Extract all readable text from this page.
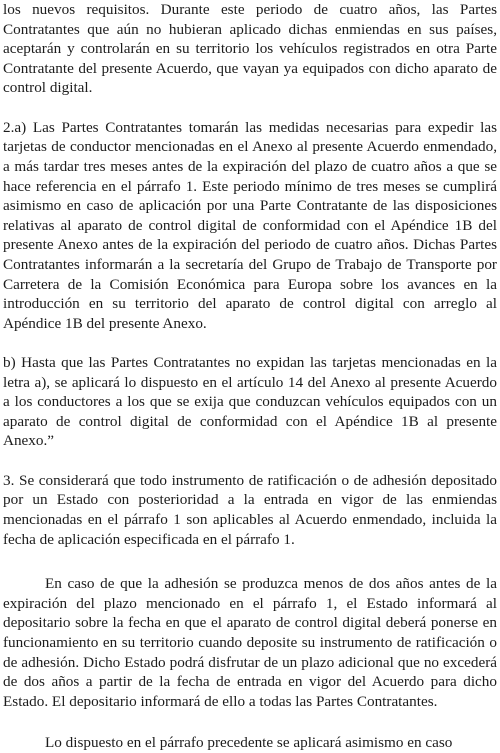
los nuevos requisitos. Durante este periodo de cuatro años, las Partes Contratantes que aún no hubieran aplicado dichas enmiendas en sus países, aceptarán y controlarán en su territorio los vehículos registrados en otra Parte Contratante del presente Acuerdo, que vayan ya equipados con dicho aparato de control digital.

2.a) Las Partes Contratantes tomarán las medidas necesarias para expedir las tarjetas de conductor mencionadas en el Anexo al presente Acuerdo enmendado, a más tardar tres meses antes de la expiración del plazo de cuatro años a que se hace referencia en el párrafo 1. Este periodo mínimo de tres meses se cumplirá asimismo en caso de aplicación por una Parte Contratante de las disposiciones relativas al aparato de control digital de conformidad con el Apéndice 1B del presente Anexo antes de la expiración del periodo de cuatro años. Dichas Partes Contratantes informarán a la secretaría del Grupo de Trabajo de Transporte por Carretera de la Comisión Económica para Europa sobre los avances en la introducción en su territorio del aparato de control digital con arreglo al Apéndice 1B del presente Anexo.

b) Hasta que las Partes Contratantes no expidan las tarjetas mencionadas en la letra a), se aplicará lo dispuesto en el artículo 14 del Anexo al presente Acuerdo a los conductores a los que se exija que conduzcan vehículos equipados con un aparato de control digital de conformidad con el Apéndice 1B al presente Anexo.”

3. Se considerará que todo instrumento de ratificación o de adhesión depositado por un Estado con posterioridad a la entrada en vigor de las enmiendas mencionadas en el párrafo 1 son aplicables al Acuerdo enmendado, incluida la fecha de aplicación especificada en el párrafo 1.

En caso de que la adhesión se produzca menos de dos años antes de la expiración del plazo mencionado en el párrafo 1, el Estado informará al depositario sobre la fecha en que el aparato de control digital deberá ponerse en funcionamiento en su territorio cuando deposite su instrumento de ratificación o de adhesión. Dicho Estado podrá disfrutar de un plazo adicional que no excederá de dos años a partir de la fecha de entrada en vigor del Acuerdo para dicho Estado. El depositario informará de ello a todas las Partes Contratantes.

Lo dispuesto en el párrafo precedente se aplicará asimismo en caso
